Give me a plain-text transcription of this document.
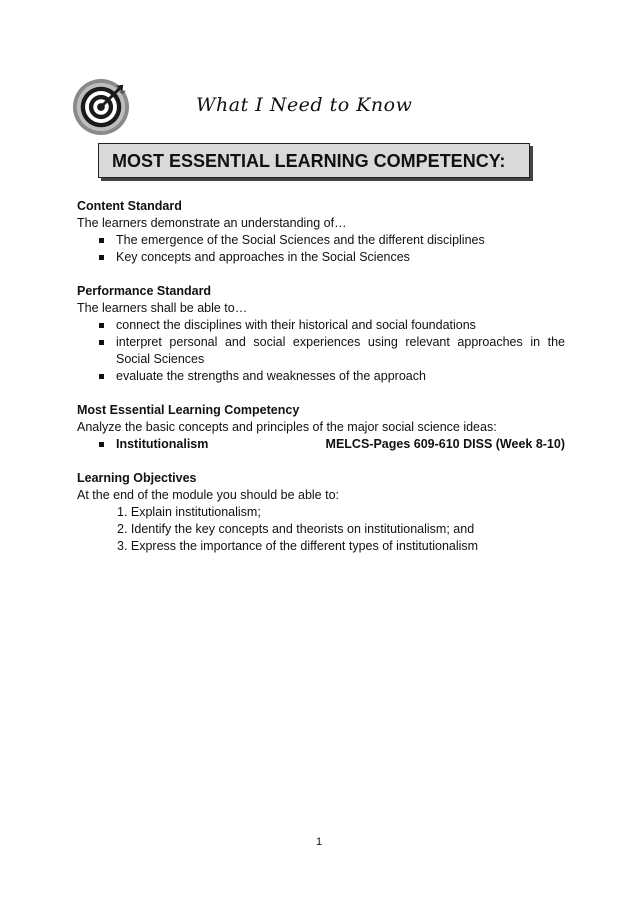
What I Need to Know
MOST ESSENTIAL LEARNING COMPETENCY:
Content Standard
The learners demonstrate an understanding of…
The emergence of the Social Sciences and the different disciplines
Key concepts and approaches in the Social Sciences
Performance Standard
The learners shall be able to…
connect the disciplines with their historical and social foundations
interpret personal and social experiences using relevant approaches in the Social Sciences
evaluate the strengths and weaknesses of the approach
Most Essential Learning Competency
Analyze the basic concepts and principles of the major social science ideas:
Institutionalism	MELCS-Pages 609-610 DISS (Week 8-10)
Learning Objectives
At the end of the module you should be able to:
1. Explain institutionalism;
2. Identify the key concepts and theorists on institutionalism; and
3. Express the importance of the different types of institutionalism
1
